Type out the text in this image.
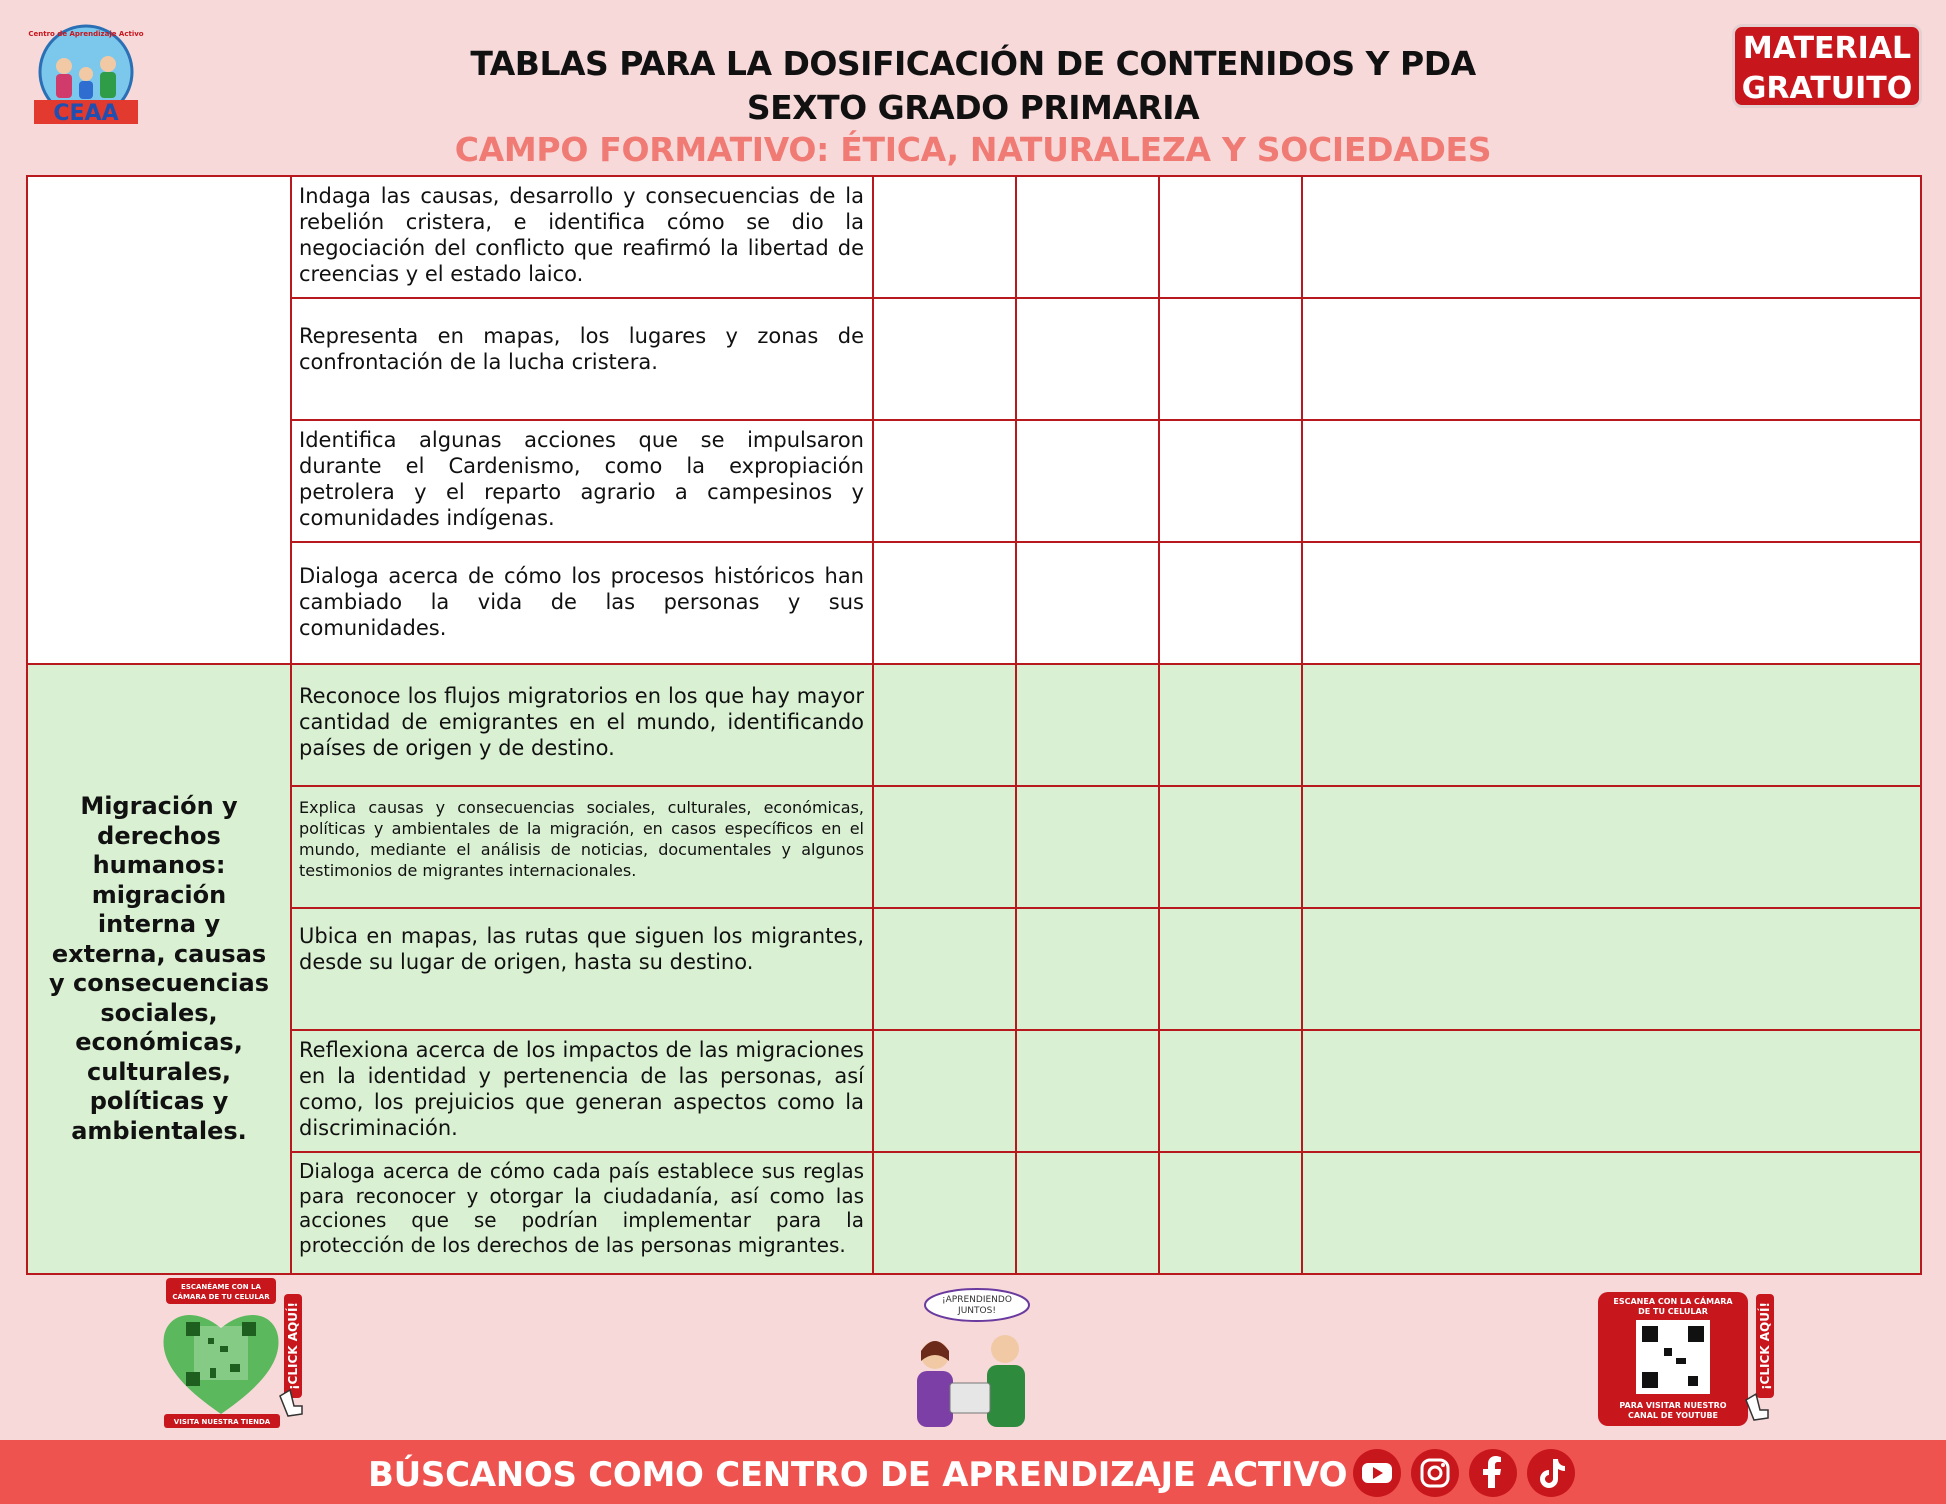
Centro de Aprendizaje Activo
CEAA
TABLAS PARA LA DOSIFICACIÓN DE CONTENIDOS Y PDA
SEXTO GRADO PRIMARIA
CAMPO FORMATIVO: ÉTICA, NATURALEZA Y SOCIEDADES
MATERIAL
GRATUITO
	Indaga las causas, desarrollo y consecuencias de la rebelión cristera, e identifica cómo se dio la negociación del conflicto que reafirmó la libertad de creencias y el estado laico.				
	Representa en mapas, los lugares y zonas de confrontación de la lucha cristera.				
	Identifica algunas acciones que se impulsaron durante el Cardenismo, como la expropiación petrolera y el reparto agrario a campesinos y comunidades indígenas.				
	Dialoga acerca de cómo los procesos históricos han cambiado la vida de las personas y sus comunidades.				
Migración y derechos humanos: migración interna y externa, causas y consecuencias sociales, económicas, culturales, políticas y ambientales.	Reconoce los flujos migratorios en los que hay mayor cantidad de emigrantes en el mundo, identificando países de origen y de destino.				
	Explica causas y consecuencias sociales, culturales, económicas, políticas y ambientales de la migración, en casos específicos en el mundo, mediante el análisis de noticias, documentales y algunos testimonios de migrantes internacionales.				
	Ubica en mapas, las rutas que siguen los migrantes, desde su lugar de origen, hasta su destino.				
	Reflexiona acerca de los impactos de las migraciones en la identidad y pertenencia de las personas, así como, los prejuicios que generan aspectos como la discriminación.				
	Dialoga acerca de cómo cada país establece sus reglas para reconocer y otorgar la ciudadanía, así como las acciones que se podrían implementar para la protección de los derechos de las personas migrantes.				
ESCANÉAME CON LA
CÁMARA DE TU CELULAR
VISITA NUESTRA TIENDA
¡CLICK AQUÍ!
¡APRENDIENDO
JUNTOS!
ESCANEA CON LA CÁMARA
DE TU CELULAR
PARA VISITAR NUESTRO
CANAL DE YOUTUBE
¡CLICK AQUÍ!
BÚSCANOS COMO CENTRO DE APRENDIZAJE ACTIVO
